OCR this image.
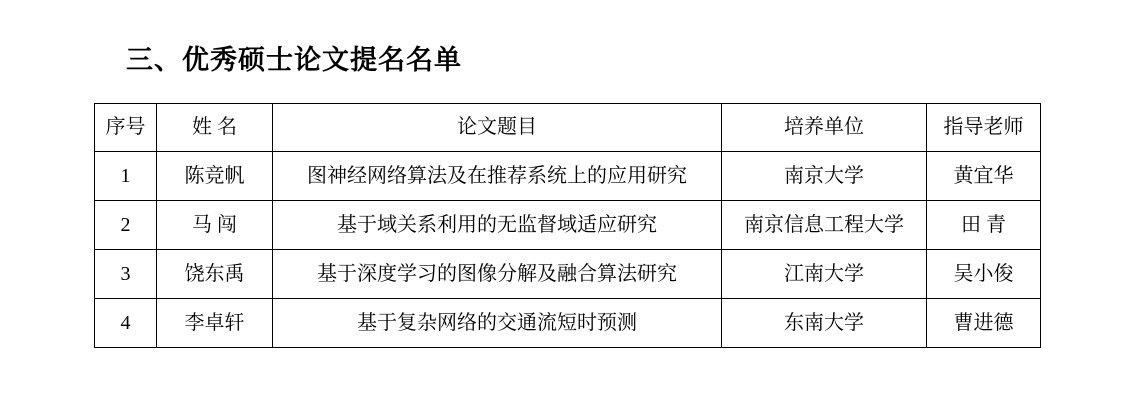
三、优秀硕士论文提名名单
序号	姓 名	论文题目	培养单位	指导老师
1	陈竞帆	图神经网络算法及在推荐系统上的应用研究	南京大学	黄宜华
2	马 闯	基于域关系利用的无监督域适应研究	南京信息工程大学	田 青
3	饶东禹	基于深度学习的图像分解及融合算法研究	江南大学	吴小俊
4	李卓轩	基于复杂网络的交通流短时预测	东南大学	曹进德
